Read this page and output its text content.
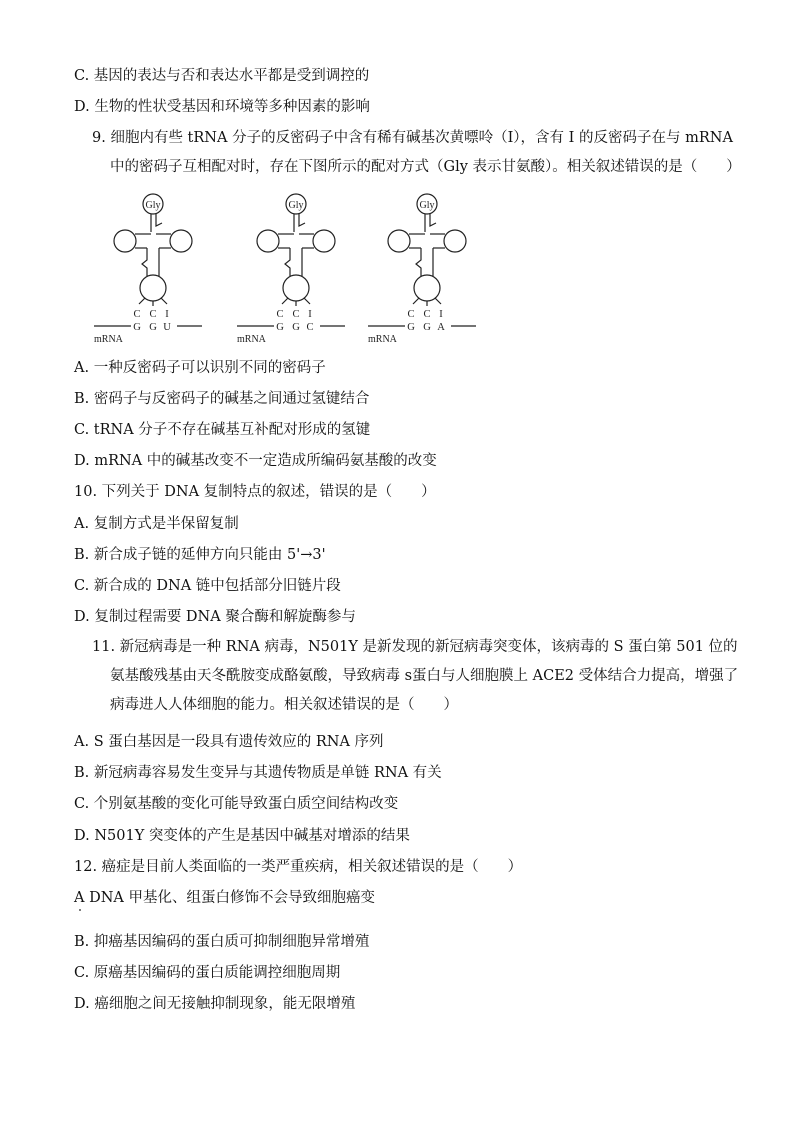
C. 基因的表达与否和表达水平都是受到调控的
D. 生物的性状受基因和环境等多种因素的影响
9. 细胞内有些 tRNA 分子的反密码子中含有稀有碱基次黄嘌呤（I），含有 I 的反密码子在与 mRNA 中的密码子互相配对时，存在下图所示的配对方式（Gly 表示甘氨酸）。相关叙述错误的是（　　）
Gly
C C I
G G U
mRNA
Gly
C C I
G G C
mRNA
Gly
C C I
G G A
mRNA
A. 一种反密码子可以识别不同的密码子
B. 密码子与反密码子的碱基之间通过氢键结合
C. tRNA 分子不存在碱基互补配对形成的氢键
D. mRNA 中的碱基改变不一定造成所编码氨基酸的改变
10. 下列关于 DNA 复制特点的叙述，错误的是（　　）
A. 复制方式是半保留复制
B. 新合成子链的延伸方向只能由 5'→3'
C. 新合成的 DNA 链中包括部分旧链片段
D. 复制过程需要 DNA 聚合酶和解旋酶参与
11. 新冠病毒是一种 RNA 病毒，N501Y 是新发现的新冠病毒突变体，该病毒的 S 蛋白第 501 位的氨基酸残基由天冬酰胺变成酪氨酸，导致病毒 s蛋白与人细胞膜上 ACE2 受体结合力提高，增强了病毒进人人体细胞的能力。相关叙述错误的是（　　）
A. S 蛋白基因是一段具有遗传效应的 RNA 序列
B. 新冠病毒容易发生变异与其遗传物质是单链 RNA 有关
C. 个别氨基酸的变化可能导致蛋白质空间结构改变
D. N501Y 突变体的产生是基因中碱基对增添的结果
12. 癌症是目前人类面临的一类严重疾病，相关叙述错误的是（　　）
A DNA 甲基化、组蛋白修饰不会导致细胞癌变
B. 抑癌基因编码的蛋白质可抑制细胞异常增殖
C. 原癌基因编码的蛋白质能调控细胞周期
D. 癌细胞之间无接触抑制现象，能无限增殖
